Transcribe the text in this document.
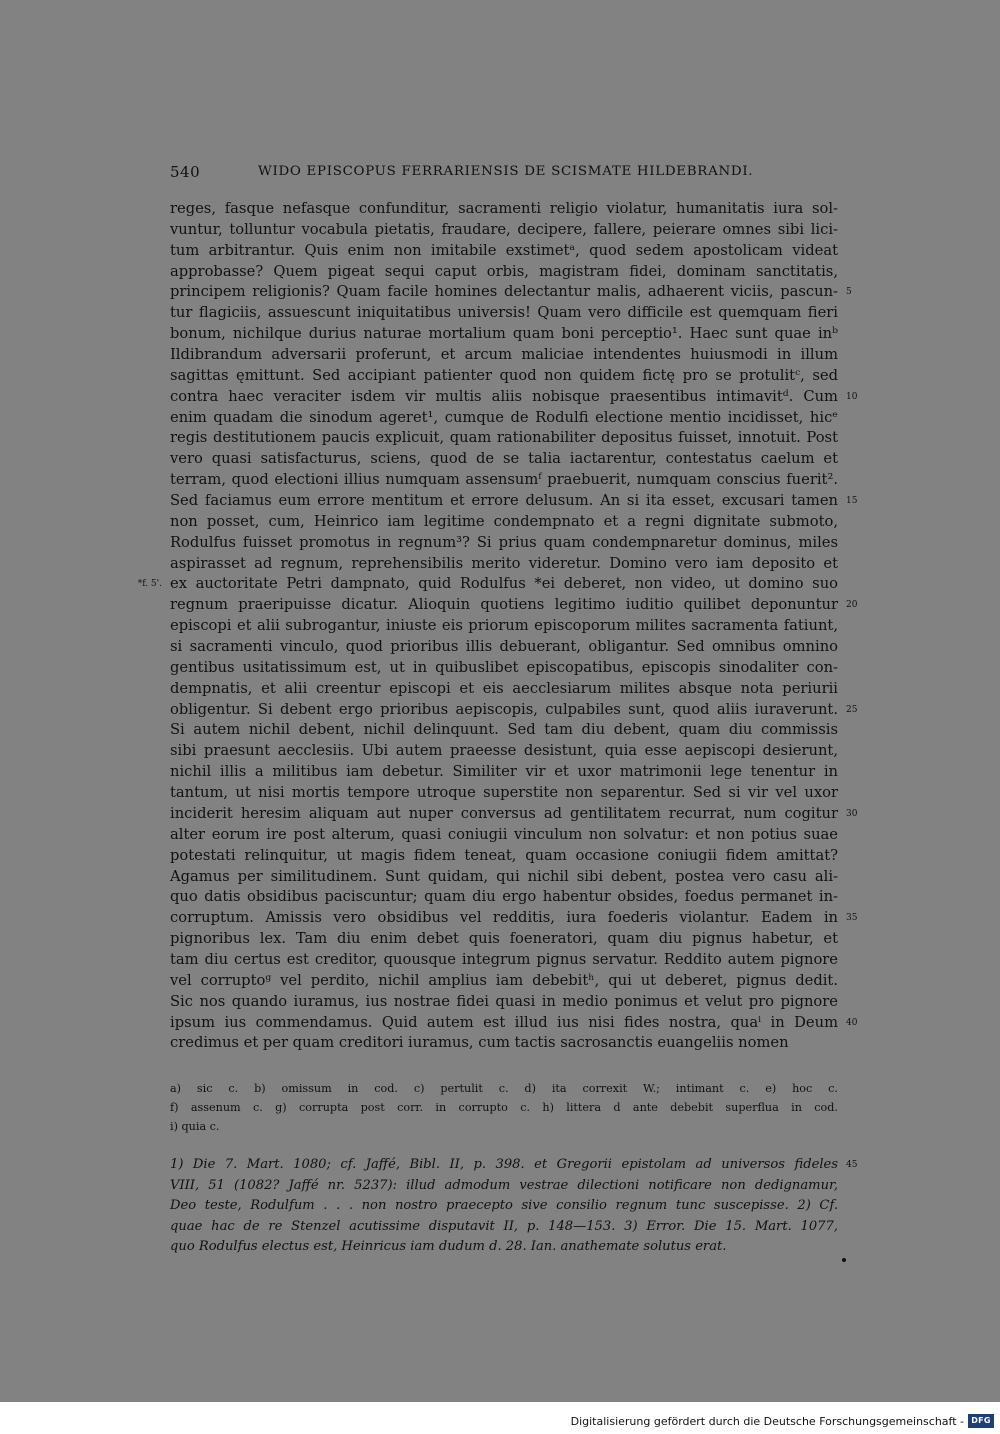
540	WIDO EPISCOPUS FERRARIENSIS DE SCISMATE HILDEBRANDI.
reges, fasque nefasque confunditur, sacramenti religio violatur, humanitatis iura sol-
vuntur, tolluntur vocabula pietatis, fraudare, decipere, fallere, peierare omnes sibi lici-
tum arbitrantur. Quis enim non imitabile exstimetᵃ, quod sedem apostolicam videat
approbasse? Quem pigeat sequi caput orbis, magistram fidei, dominam sanctitatis,
principem religionis? Quam facile homines delectantur malis, adhaerent viciis, pascun- 5
tur flagiciis, assuescunt iniquitatibus universis! Quam vero difficile est quemquam fieri
bonum, nichilque durius naturae mortalium quam boni perceptio¹. Haec sunt quae inᵇ
Ildibrandum adversarii proferunt, et arcum maliciae intendentes huiusmodi in illum
sagittas ęmittunt. Sed accipiant patienter quod non quidem fictę pro se protulitᶜ, sed
contra haec veraciter isdem vir multis aliis nobisque praesentibus intimavitᵈ. Cum 10
enim quadam die sinodum ageret¹, cumque de Rodulfi electione mentio incidisset, hicᵉ
regis destitutionem paucis explicuit, quam rationabiliter depositus fuisset, innotuit. Post
vero quasi satisfacturus, sciens, quod de se talia iactarentur, contestatus caelum et
terram, quod electioni illius numquam assensumᶠ praebuerit, numquam conscius fuerit².
Sed faciamus eum errore mentitum et errore delusum. An si ita esset, excusari tamen 15
non posset, cum, Heinrico iam legitime condempnato et a regni dignitate submoto,
Rodulfus fuisset promotus in regnum³? Si prius quam condempnaretur dominus, miles
aspirasset ad regnum, reprehensibilis merito videretur. Domino vero iam deposito et
ex auctoritate Petri dampnato, quid Rodulfus *ei deberet, non video, ut domino suo
*f. 5'.
regnum praeripuisse dicatur. Alioquin quotiens legitimo iuditio quilibet deponuntur 20
episcopi et alii subrogantur, iniuste eis priorum episcoporum milites sacramenta fatiunt,
si sacramenti vinculo, quod prioribus illis debuerant, obligantur. Sed omnibus omnino
gentibus usitatissimum est, ut in quibuslibet episcopatibus, episcopis sinodaliter con-
dempnatis, et alii creentur episcopi et eis aecclesiarum milites absque nota periurii
obligentur. Si debent ergo prioribus aepiscopis, culpabiles sunt, quod aliis iuraverunt. 25
Si autem nichil debent, nichil delinquunt. Sed tam diu debent, quam diu commissis
sibi praesunt aecclesiis. Ubi autem praeesse desistunt, quia esse aepiscopi desierunt,
nichil illis a militibus iam debetur. Similiter vir et uxor matrimonii lege tenentur in
tantum, ut nisi mortis tempore utroque superstite non separentur. Sed si vir vel uxor
inciderit heresim aliquam aut nuper conversus ad gentilitatem recurrat, num cogitur 30
alter eorum ire post alterum, quasi coniugii vinculum non solvatur: et non potius suae
potestati relinquitur, ut magis fidem teneat, quam occasione coniugii fidem amittat?
Agamus per similitudinem. Sunt quidam, qui nichil sibi debent, postea vero casu ali-
quo datis obsidibus paciscuntur; quam diu ergo habentur obsides, foedus permanet in-
corruptum. Amissis vero obsidibus vel redditis, iura foederis violantur. Eadem in 35
pignoribus lex. Tam diu enim debet quis foeneratori, quam diu pignus habetur, et
tam diu certus est creditor, quousque integrum pignus servatur. Reddito autem pignore
vel corruptoᵍ vel perdito, nichil amplius iam debebitʰ, qui ut deberet, pignus dedit.
Sic nos quando iuramus, ius nostrae fidei quasi in medio ponimus et velut pro pignore
ipsum ius commendamus. Quid autem est illud ius nisi fides nostra, quaⁱ in Deum 40
credimus et per quam creditori iuramus, cum tactis sacrosanctis euangeliis nomen
a) sic c. b) omissum in cod. c) pertulit c. d) ita correxit W.; intimant c. e) hoc c.
f) assenum c. g) corrupta post corr. in corrupto c. h) littera d ante debebit superflua in cod.
i) quia c.
1) Die 7. Mart. 1080; cf. Jaffé, Bibl. II, p. 398. et Gregorii epistolam ad universos fideles 45
VIII, 51 (1082? Jaffé nr. 5237): illud admodum vestrae dilectioni notificare non dedignamur,
Deo teste, Rodulfum . . . non nostro praecepto sive consilio regnum tunc suscepisse. 2) Cf.
quae hac de re Stenzel acutissime disputavit II, p. 148—153. 3) Error. Die 15. Mart. 1077,
quo Rodulfus electus est, Heinricus iam dudum d. 28. Ian. anathemate solutus erat.
Digitalisierung gefördert durch die Deutsche Forschungsgemeinschaft - DFG
